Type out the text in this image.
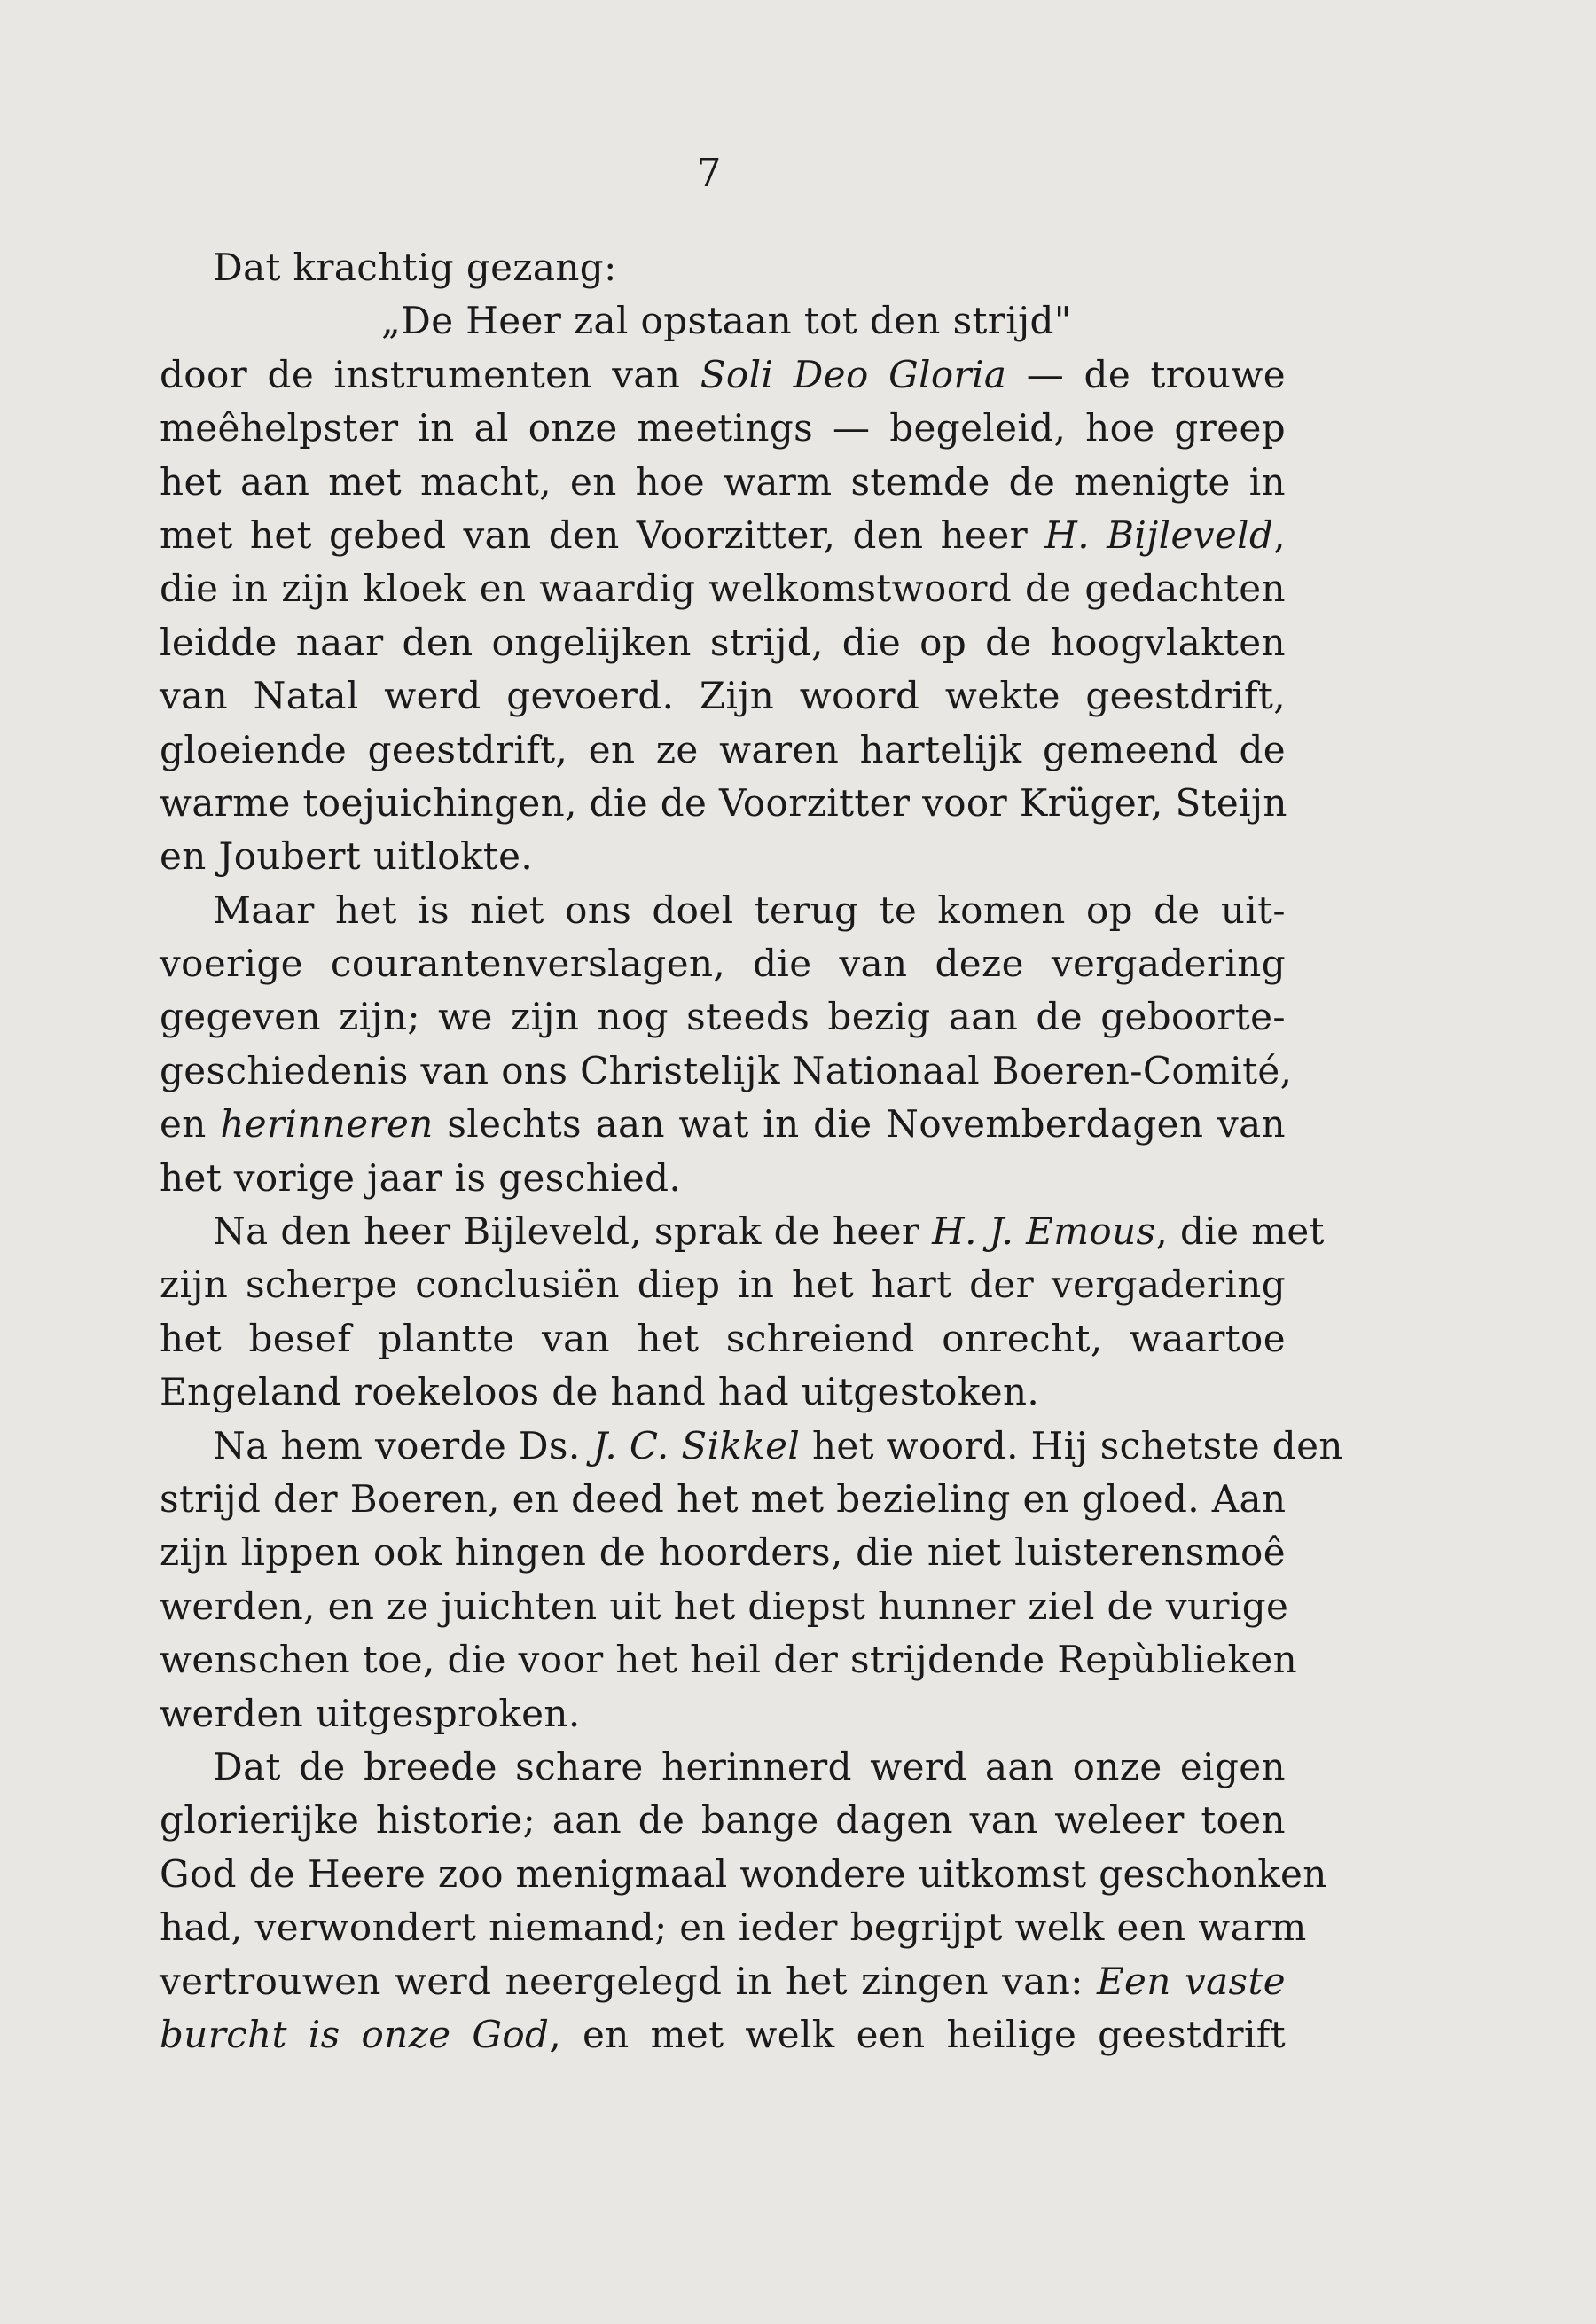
7
Dat krachtig gezang:
„De Heer zal opstaan tot den strijd"
door de instrumenten van Soli Deo Gloria — de trouwe
meêhelpster in al onze meetings — begeleid, hoe greep
het aan met macht, en hoe warm stemde de menigte in
met het gebed van den Voorzitter, den heer H. Bijleveld,
die in zijn kloek en waardig welkomstwoord de gedachten
leidde naar den ongelijken strijd, die op de hoogvlakten
van Natal werd gevoerd. Zijn woord wekte geestdrift,
gloeiende geestdrift, en ze waren hartelijk gemeend de
warme toejuichingen, die de Voorzitter voor Krüger, Steijn
en Joubert uitlokte.
Maar het is niet ons doel terug te komen op de uit-
voerige courantenverslagen, die van deze vergadering
gegeven zijn; we zijn nog steeds bezig aan de geboorte-
geschiedenis van ons Christelijk Nationaal Boeren-Comité,
en herinneren slechts aan wat in die Novemberdagen van
het vorige jaar is geschied.
Na den heer Bijleveld, sprak de heer H. J. Emous, die met
zijn scherpe conclusiën diep in het hart der vergadering
het besef plantte van het schreiend onrecht, waartoe
Engeland roekeloos de hand had uitgestoken.
Na hem voerde Ds. J. C. Sikkel het woord. Hij schetste den
strijd der Boeren, en deed het met bezieling en gloed. Aan
zijn lippen ook hingen de hoorders, die niet luisterensmoê
werden, en ze juichten uit het diepst hunner ziel de vurige
wenschen toe, die voor het heil der strijdende Repùblieken
werden uitgesproken.
Dat de breede schare herinnerd werd aan onze eigen
glorierijke historie; aan de bange dagen van weleer toen
God de Heere zoo menigmaal wondere uitkomst geschonken
had, verwondert niemand; en ieder begrijpt welk een warm
vertrouwen werd neergelegd in het zingen van: Een vaste
burcht is onze God, en met welk een heilige geestdrift
